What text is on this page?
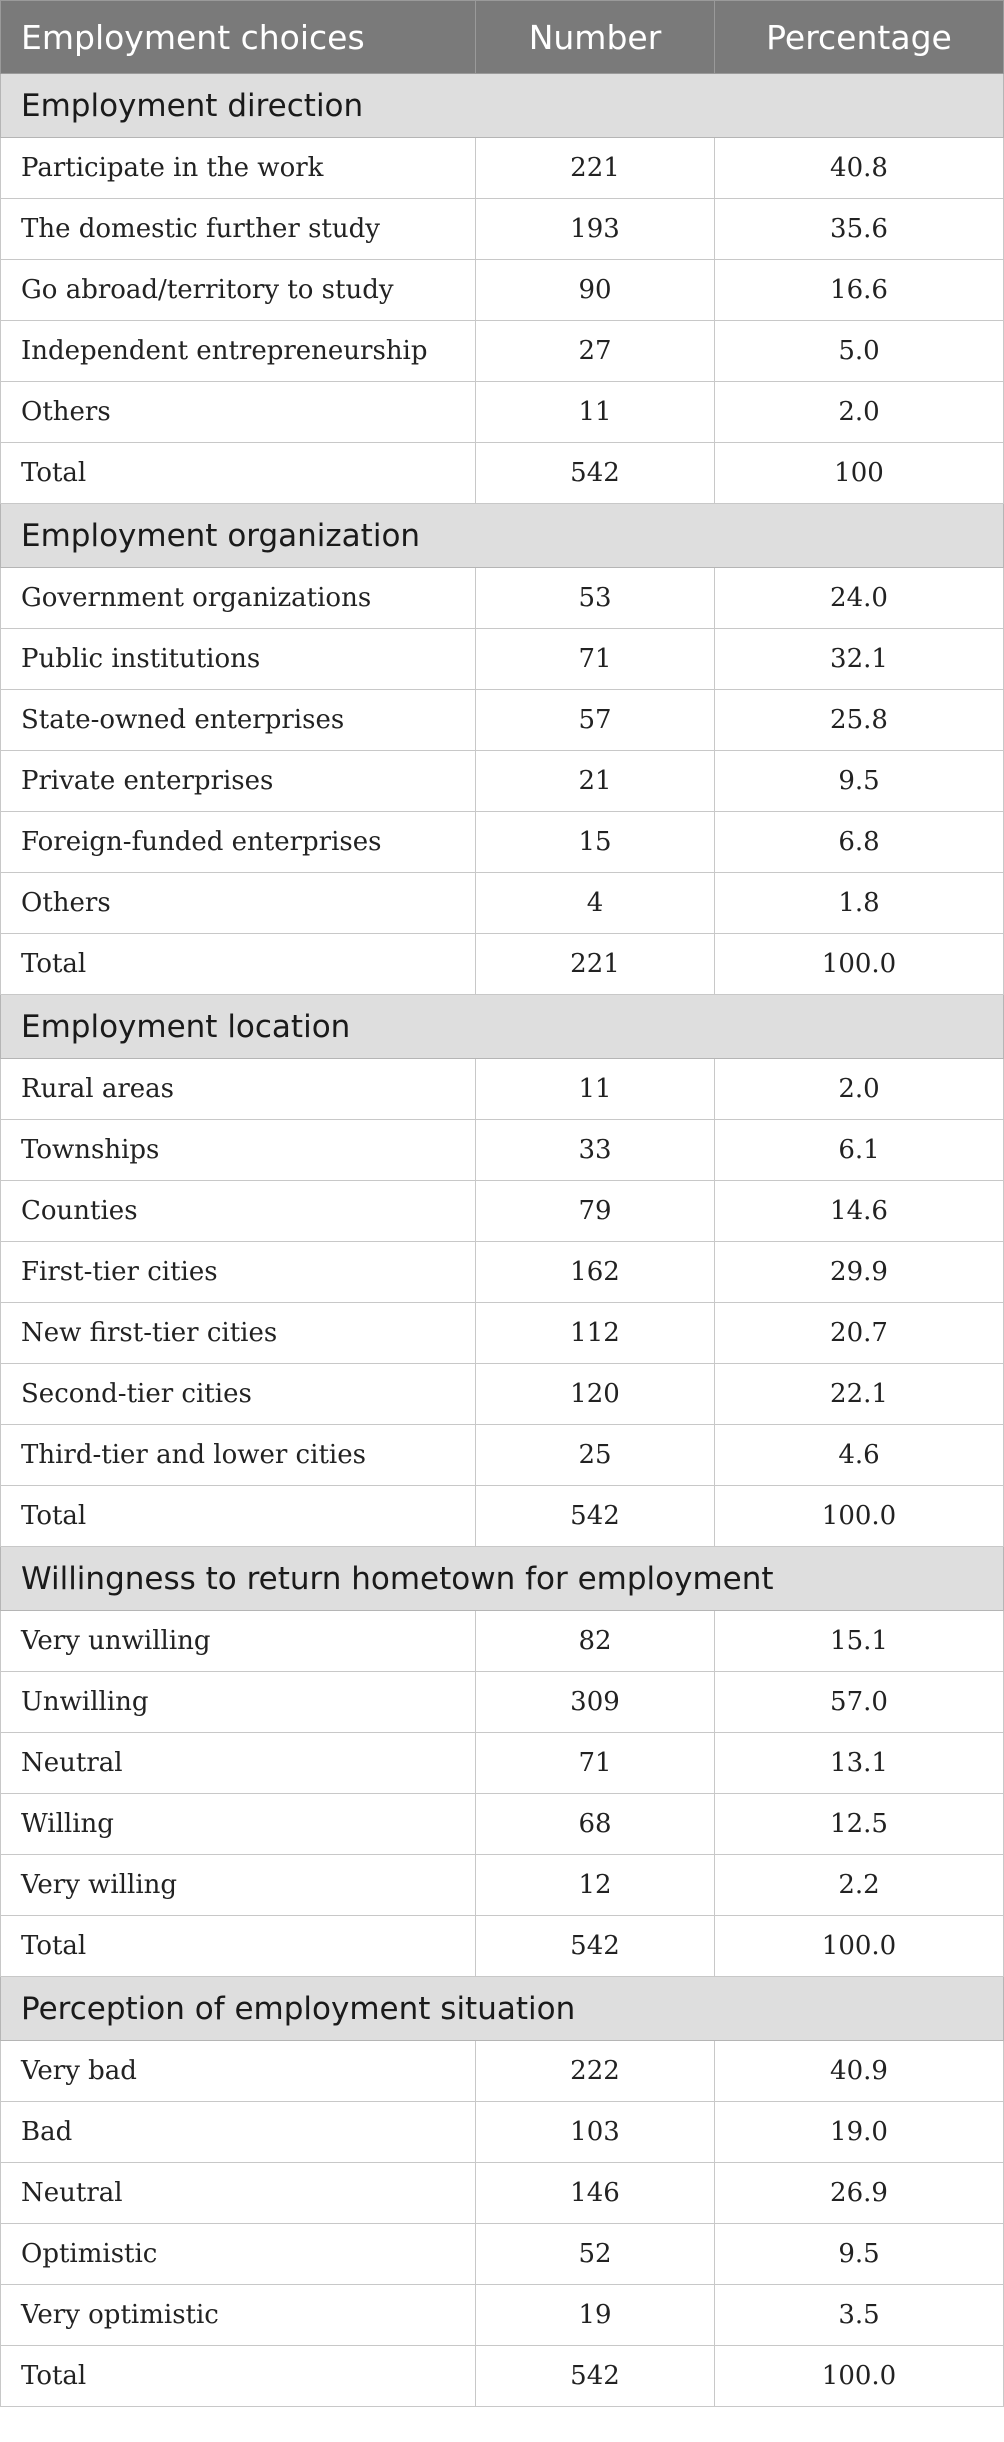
Employment choices	Number	Percentage
Employment direction		
Participate in the work	221	40.8
The domestic further study	193	35.6
Go abroad/territory to study	90	16.6
Independent entrepreneurship	27	5.0
Others	11	2.0
Total	542	100
Employment organization		
Government organizations	53	24.0
Public institutions	71	32.1
State-owned enterprises	57	25.8
Private enterprises	21	9.5
Foreign-funded enterprises	15	6.8
Others	4	1.8
Total	221	100.0
Employment location		
Rural areas	11	2.0
Townships	33	6.1
Counties	79	14.6
First-tier cities	162	29.9
New first-tier cities	112	20.7
Second-tier cities	120	22.1
Third-tier and lower cities	25	4.6
Total	542	100.0
Willingness to return hometown for employment		
Very unwilling	82	15.1
Unwilling	309	57.0
Neutral	71	13.1
Willing	68	12.5
Very willing	12	2.2
Total	542	100.0
Perception of employment situation		
Very bad	222	40.9
Bad	103	19.0
Neutral	146	26.9
Optimistic	52	9.5
Very optimistic	19	3.5
Total	542	100.0
